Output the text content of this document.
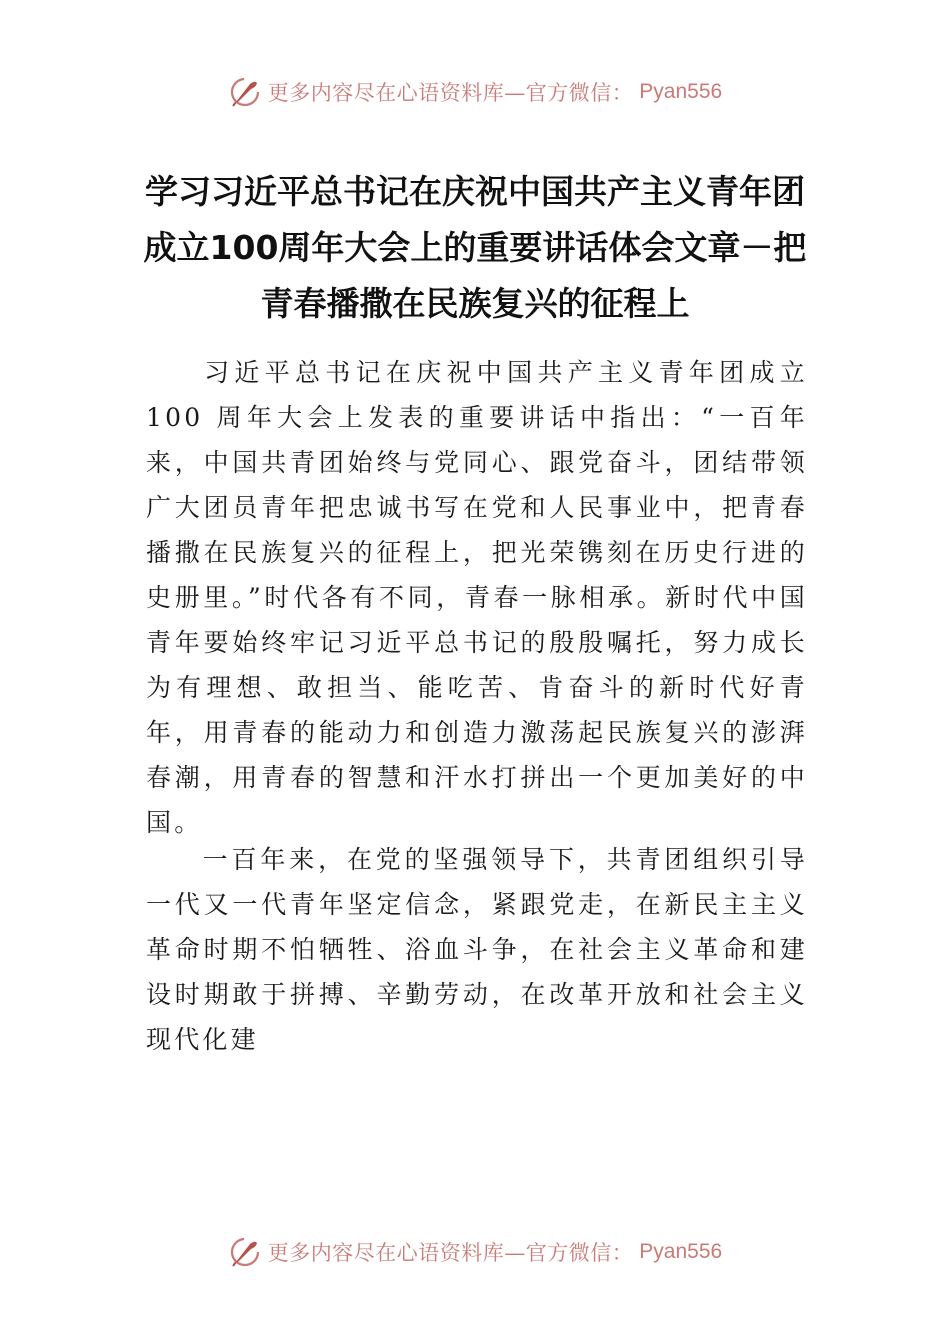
更多内容尽在心语资料库—官方微信： Pyan556
学习习近平总书记在庆祝中国共产主义青年团成立100周年大会上的重要讲话体会文章－把青春播撒在民族复兴的征程上

习近平总书记在庆祝中国共产主义青年团成立 100 周年大会上发表的重要讲话中指出：“一百年来，中国共青团始终与党同心、跟党奋斗，团结带领广大团员青年把忠诚书写在党和人民事业中，把青春播撒在民族复兴的征程上，把光荣镌刻在历史行进的史册里。”时代各有不同，青春一脉相承。新时代中国青年要始终牢记习近平总书记的殷殷嘱托，努力成长为有理想、敢担当、能吃苦、肯奋斗的新时代好青年，用青春的能动力和创造力激荡起民族复兴的澎湃春潮，用青春的智慧和汗水打拼出一个更加美好的中国。

一百年来，在党的坚强领导下，共青团组织引导一代又一代青年坚定信念，紧跟党走，在新民主主义革命时期不怕牺牲、浴血斗争，在社会主义革命和建设时期敢于拼搏、辛勤劳动，在改革开放和社会主义现代化建

更多内容尽在心语资料库—官方微信： Pyan556
